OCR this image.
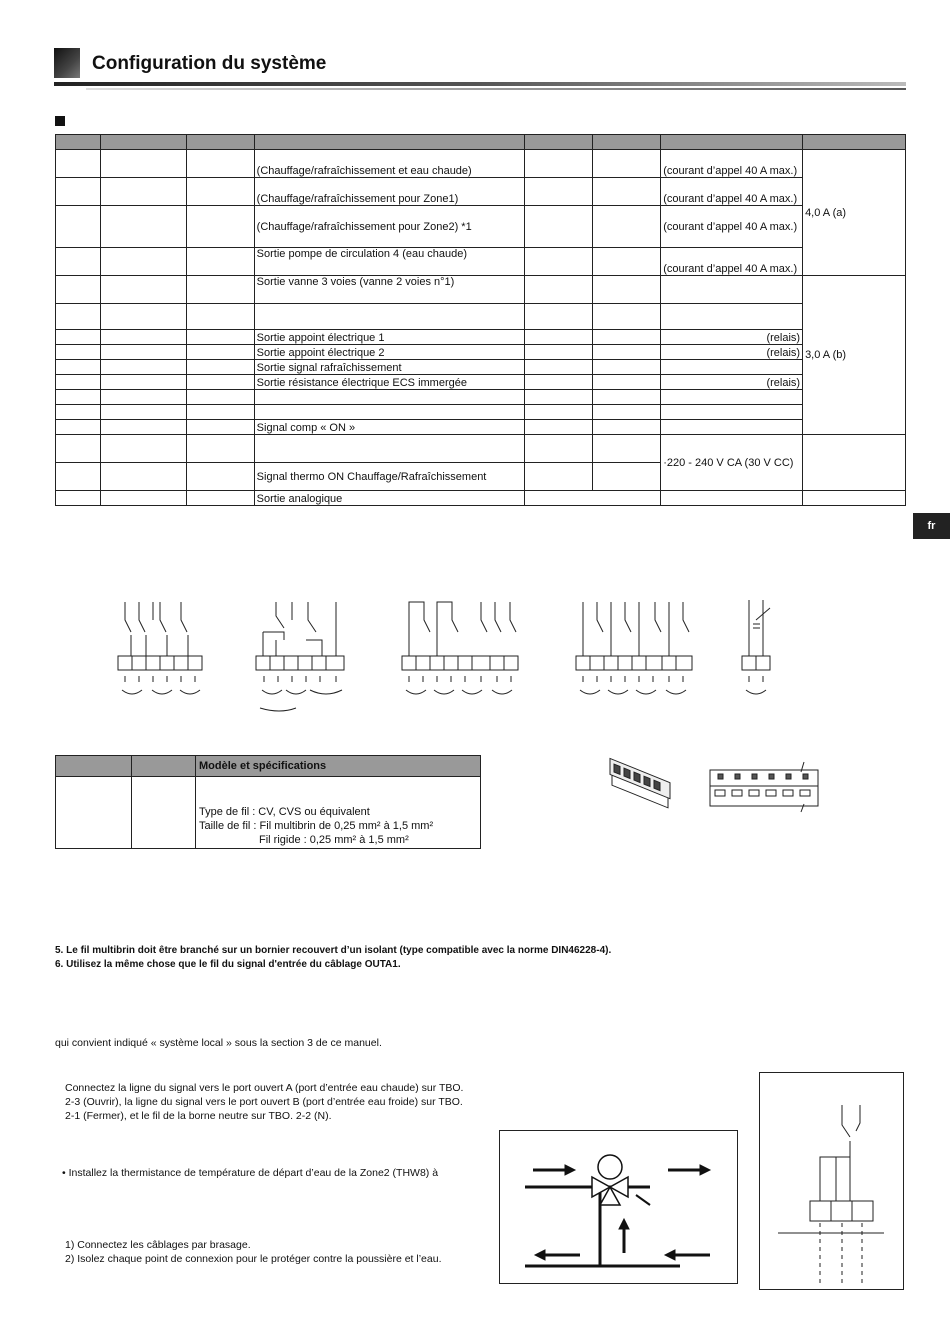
Configuration du système

			(Chauffage/rafraîchissement et eau chaude)			(courant d’appel 40 A max.)	4,0 A (a)
			(Chauffage/rafraîchissement pour Zone1)			(courant d’appel 40 A max.)	
			(Chauffage/rafraîchissement pour Zone2) *1			(courant d’appel 40 A max.)	
			Sortie pompe de circulation 4 (eau chaude)			(courant d’appel 40 A max.)	
			Sortie vanne 3 voies (vanne 2 voies n°1)				3,0 A (b)

			Sortie appoint électrique 1			(relais)	
			Sortie appoint électrique 2			(relais)	
			Sortie signal rafraîchissement				
			Sortie résistance électrique ECS immergée			(relais)	

			Signal comp « ON »				
						·220 - 240 V CA (30 V CC)	
			Signal thermo ON Chauffage/Rafraîchissement				
			Sortie analogique				
fr
		Modèle et spécifications

		Type de fil : CV, CVS ou équivalent
Taille de fil : Fil multibrin de 0,25 mm² à 1,5 mm²
Fil rigide : 0,25 mm² à 1,5 mm²
5. Le fil multibrin doit être branché sur un bornier recouvert d’un isolant (type compatible avec la norme DIN46228-4).
6. Utilisez la même chose que le fil du signal d'entrée du câblage OUTA1.
qui convient indiqué « système local » sous la section 3 de ce manuel.
Connectez la ligne du signal vers le port ouvert A (port d’entrée eau chaude) sur TBO.
2-3 (Ouvrir), la ligne du signal vers le port ouvert B (port d’entrée eau froide) sur TBO.
2-1 (Fermer), et le fil de la borne neutre sur TBO. 2-2 (N).
• Installez la thermistance de température de départ d’eau de la Zone2 (THW8) à
1) Connectez les câblages par brasage.
2) Isolez chaque point de connexion pour le protéger contre la poussière et l’eau.
